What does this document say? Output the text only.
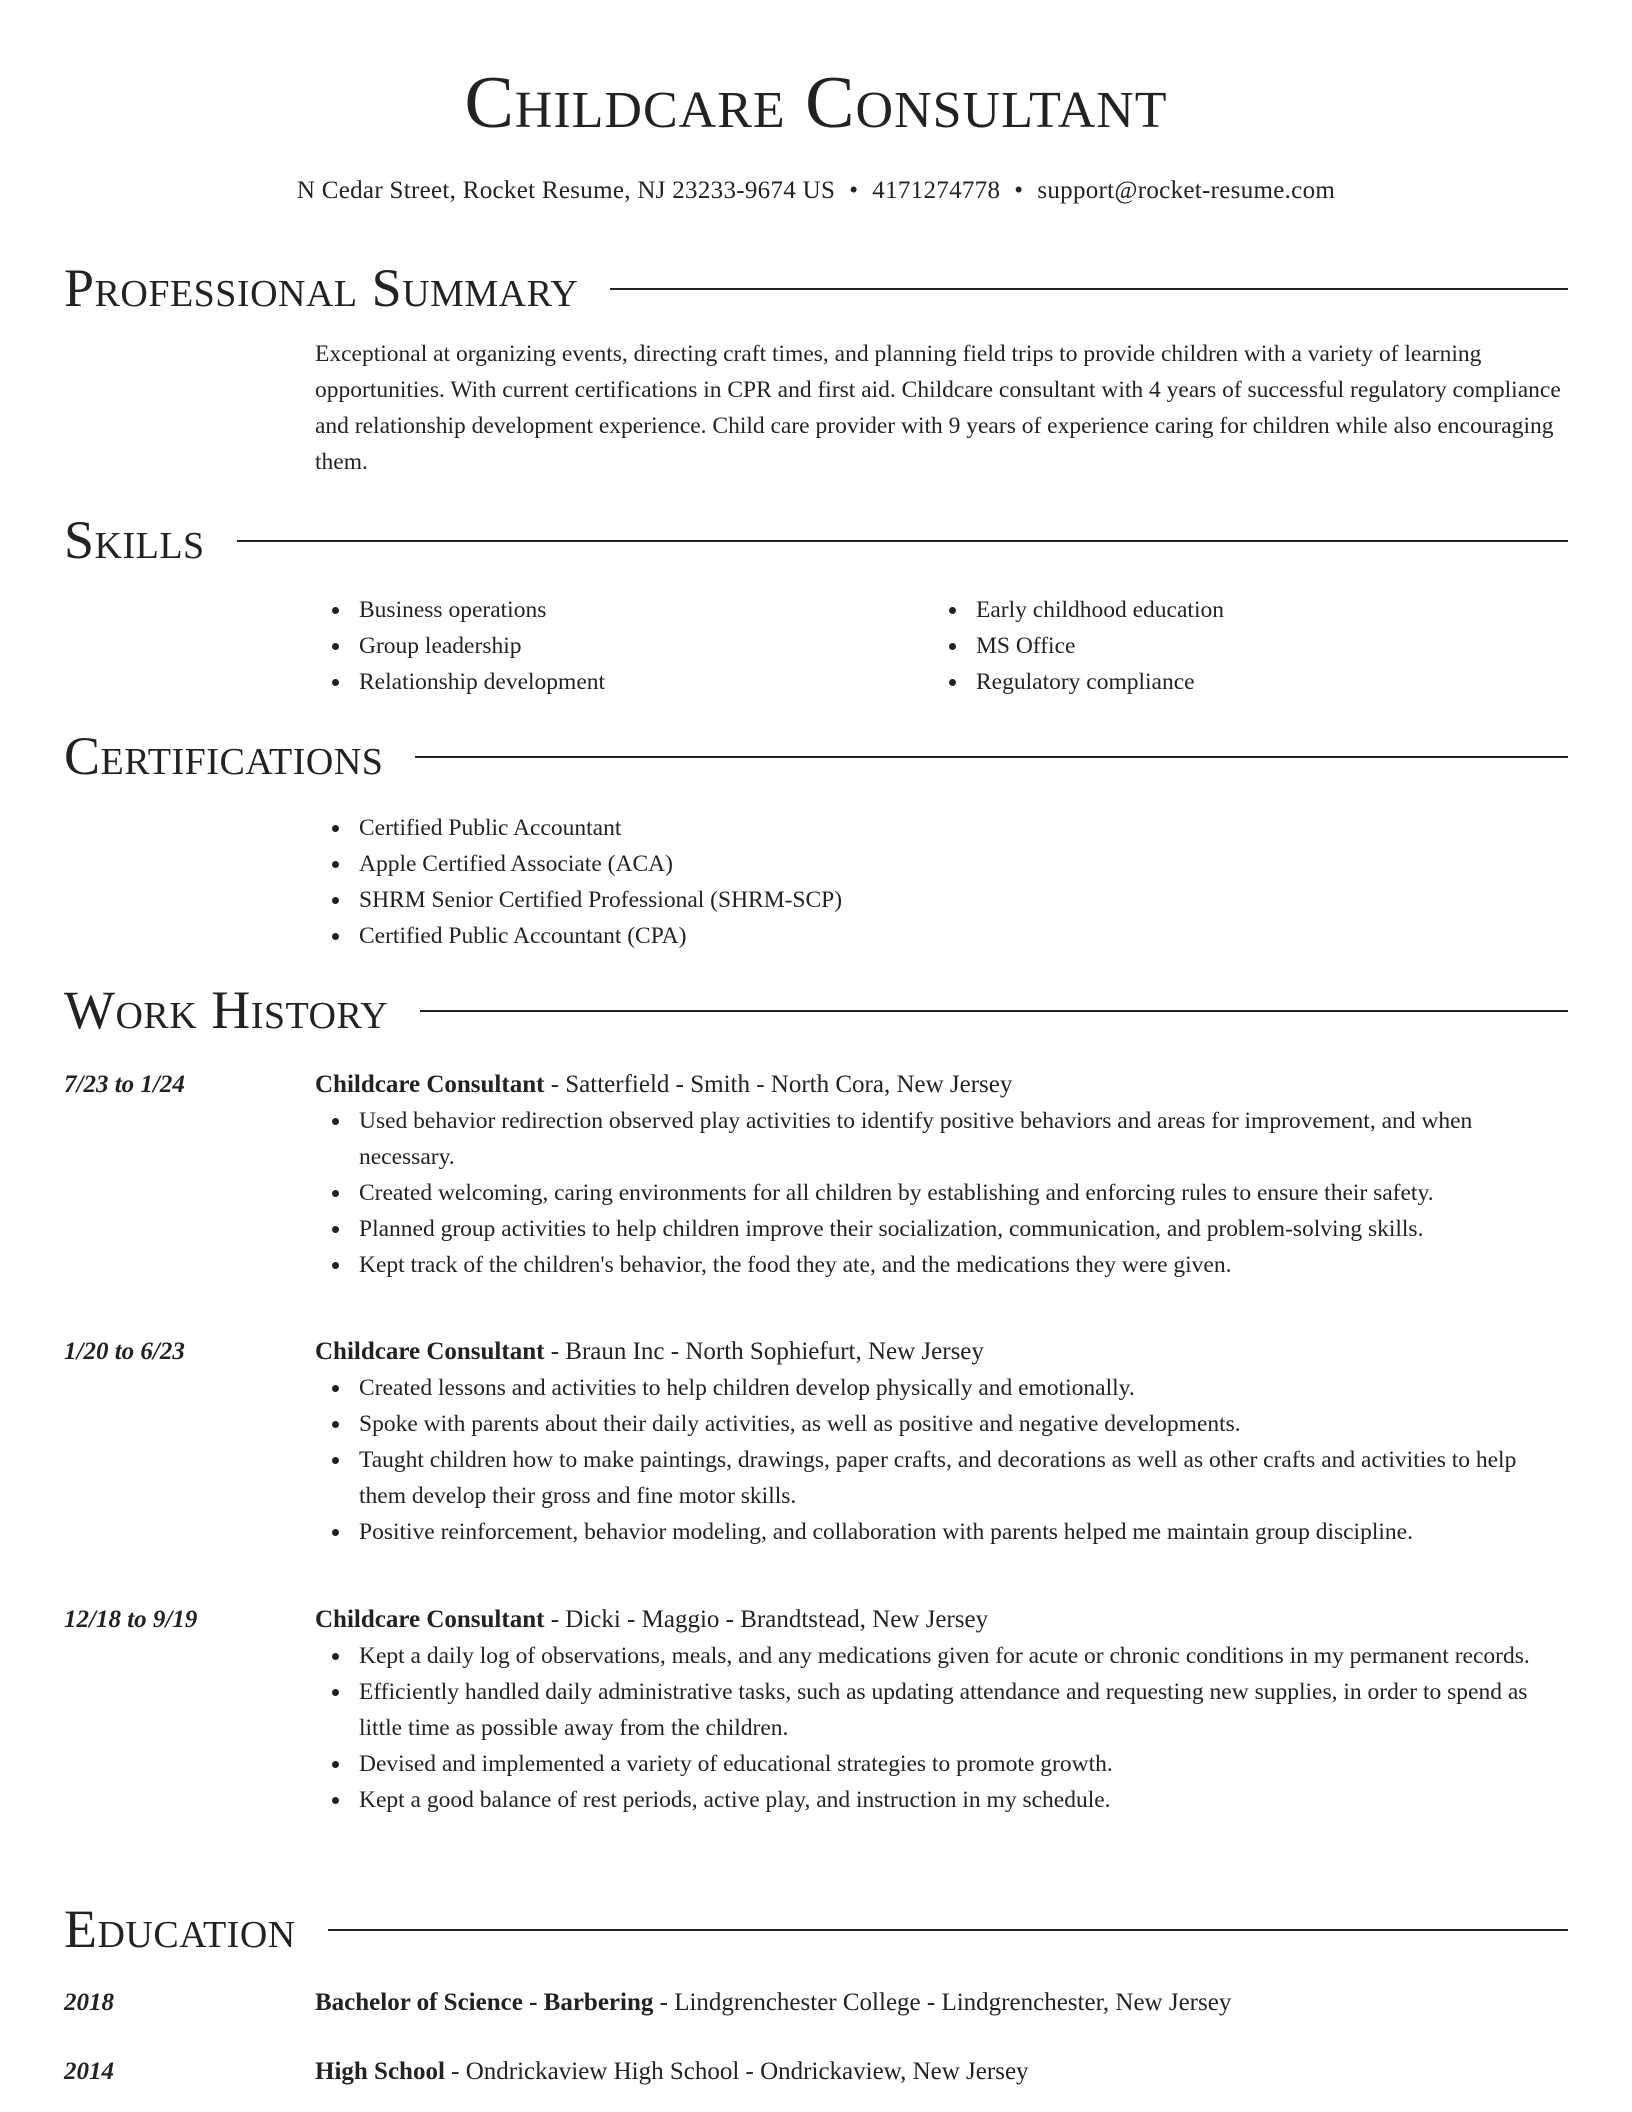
Childcare Consultant
N Cedar Street, Rocket Resume, NJ 23233-9674 US • 4171274778 • support@rocket-resume.com
Professional Summary
Exceptional at organizing events, directing craft times, and planning field trips to provide children with a variety of learning opportunities. With current certifications in CPR and first aid. Childcare consultant with 4 years of successful regulatory compliance and relationship development experience. Child care provider with 9 years of experience caring for children while also encouraging them.
Skills
Business operations
Group leadership
Relationship development
Early childhood education
MS Office
Regulatory compliance
Certifications
Certified Public Accountant
Apple Certified Associate (ACA)
SHRM Senior Certified Professional (SHRM-SCP)
Certified Public Accountant (CPA)
Work History
7/23 to 1/24	Childcare Consultant - Satterfield - Smith - North Cora, New Jersey
Used behavior redirection observed play activities to identify positive behaviors and areas for improvement, and when necessary.
Created welcoming, caring environments for all children by establishing and enforcing rules to ensure their safety.
Planned group activities to help children improve their socialization, communication, and problem-solving skills.
Kept track of the children's behavior, the food they ate, and the medications they were given.
1/20 to 6/23	Childcare Consultant - Braun Inc - North Sophiefurt, New Jersey
Created lessons and activities to help children develop physically and emotionally.
Spoke with parents about their daily activities, as well as positive and negative developments.
Taught children how to make paintings, drawings, paper crafts, and decorations as well as other crafts and activities to help them develop their gross and fine motor skills.
Positive reinforcement, behavior modeling, and collaboration with parents helped me maintain group discipline.
12/18 to 9/19	Childcare Consultant - Dicki - Maggio - Brandtstead, New Jersey
Kept a daily log of observations, meals, and any medications given for acute or chronic conditions in my permanent records.
Efficiently handled daily administrative tasks, such as updating attendance and requesting new supplies, in order to spend as little time as possible away from the children.
Devised and implemented a variety of educational strategies to promote growth.
Kept a good balance of rest periods, active play, and instruction in my schedule.
Education
2018	Bachelor of Science - Barbering - Lindgrenchester College - Lindgrenchester, New Jersey
2014	High School - Ondrickaview High School - Ondrickaview, New Jersey
